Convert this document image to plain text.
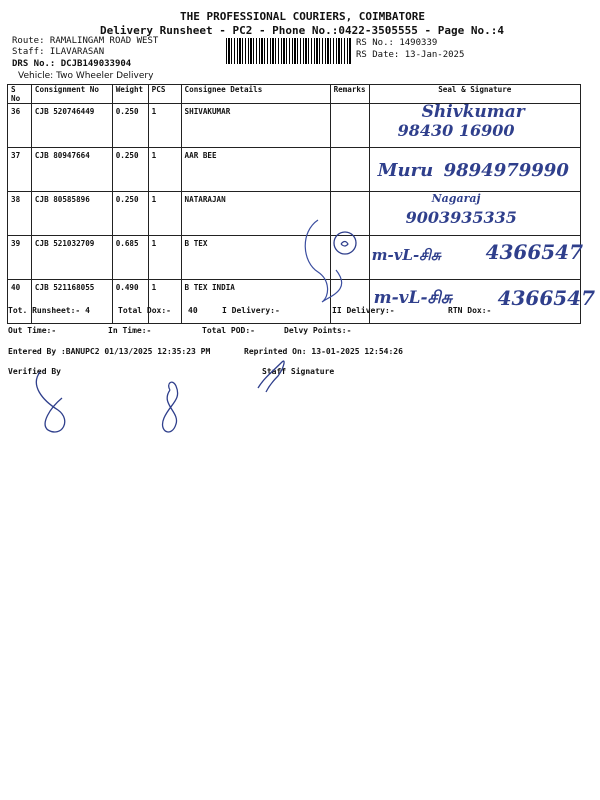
THE PROFESSIONAL COURIERS, COIMBATORE
Delivery Runsheet - PC2 - Phone No.:0422-3505555 - Page No.:4
Route: RAMALINGAM ROAD WEST
Staff: ILAVARASAN
DRS No.: DCJB149033904
Vehicle: Two Wheeler Delivery
RS No.: 1490339
RS Date: 13-Jan-2025
S No	Consignment No	Weight	PCS	Consignee Details	Remarks	Seal & Signature
36	CJB 520746449	0.250	1	SHIVAKUMAR		Shivkumar
98430 16900

37	CJB 80947664	0.250	1	AAR BEE		Muru 9894979990

38	CJB 80585896	0.250	1	NATARAJAN		Nagaraj
9003935335

39	CJB 521032709	0.685	1	B TEX		m-vL-சிசு 4366547

40	CJB 521168055	0.490	1	B TEX INDIA		m-vL-சிசு 4366547
Tot. Runsheet:- 4	Total Dox:- 40	I Delivery:-	II Delivery:-	RTN Dox:-
Out Time:-	In Time:-	Total POD:-	Delvy Points:-
Entered By :BANUPC2 01/13/2025 12:35:23 PM	Reprinted On: 13-01-2025 12:54:26
Verified By	Staff Signature
